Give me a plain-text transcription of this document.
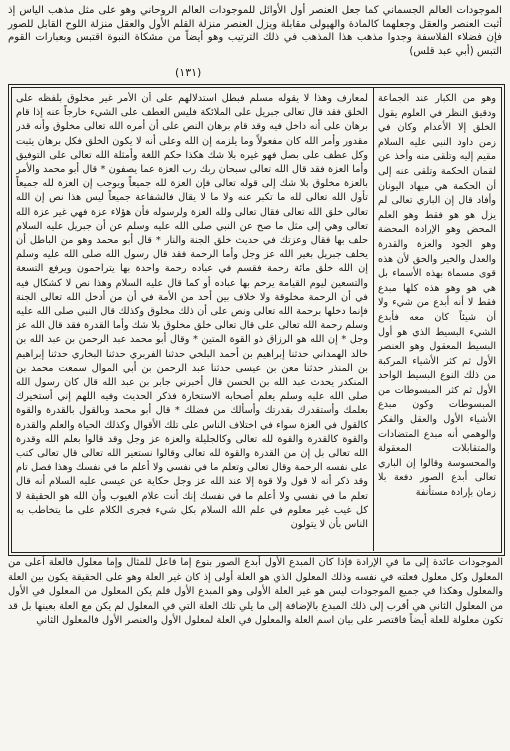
الموجودات العالم الجسماني كما جعل العنصر أول الأوائل للموجودات العالم الروحاني وهو على مثل مذهب الياس إذ أثبت العنصر والعقل وجعلهما كالمادة والهيولى مقابلة ويزل العنصر منزلة القلم الأول والعقل منزلة اللوح القابل للصور فإن فضلاء الفلاسفة وجدوا مذهب هذا المذهب في ذلك الترتيب وهو أيضاً من مشكاة النبوة اقتبس وبعبارات القوم التبس (أبي عبد قلس)

(١٣١)

لمعارف وهذا لا يقوله مسلم فبطل استدلالهم على أن الأمر غير مخلوق بلفظه على الخلق فقد قال تعالى جبريل على الملائكة فليس العطف على الشيء خارجاً عنه إذا قام برهان على أنه داخل فيه وقد قام برهان النص على أن أمره الله تعالى مخلوق وأنه قدر مقدور وأمر الله كان مفعولاً وما يلزمه إن الله وعلى أنه لا يكون الخلق فكل برهان يثبت وكل عطف على بصل فهو غيره بلا شك هكذا حكم اللغة وأمثلة الله تعالى على التوفيق وأما العزة فقد قال الله تعالى سبحان ربك رب العزة عما يصفون * قال أبو محمد والأمر بالعزة مخلوق بلا شك إلى قوله تعالى فإن العزة لله جميعاً ويوجب إن العزة لله جميعاً تأول الله تعالى لله ما تكبر عنه ولا ما لا يقال فالشفاعة جميعاً ليس هذا نص إن الله تعالى خلق الله تعالى فقال تعالى ولله العزة ولرسوله فأن هؤلاء عزة فهي غير عزة الله تعالى وهي إلى مثل ما صح عن النبي صلى الله عليه وسلم عن أن جبريل عليه السلام حلف بها فقال وعزتك في حديث خلق الجنة والنار * قال أبو محمد وهو من الباطل أن يحلف جبريل بغير الله عز وجل وأما الرحمة فقد قال رسول الله صلى الله عليه وسلم إن الله خلق مائة رحمة فقسم في عباده رحمة واحدة بها يتراحمون ويرفع التسعة والتسعين ليوم القيامة يرحم بها عباده أو كما قال عليه السلام وهذا نص لا كشكال فيه في أن الرحمة مخلوقة ولا خلاف بين أحد من الأمة في أن من أدخل الله تعالى الجنة فإنما دخلها برحمة الله تعالى ونص على أن ذلك مخلوق وكذلك قال النبي صلى الله عليه وسلم رحمة الله تعالى على قال تعالى خلق مخلوق بلا شك وأما القدرة فقد قال الله عز وجل * إن الله هو الرزاق ذو القوة المتين * وقال أبو محمد عبد الرحمن بن عبد الله بن خالد الهمداني حدثنا إبراهيم بن أحمد البلخي حدثنا الفربري حدثنا البخاري حدثنا إبراهيم بن المنذر حدثنا معن بن عيسى حدثنا عبد الرحمن بن أبي الموال سمعت محمد بن المنكدر يحدث عبد الله بن الحسن قال أخبرني جابر بن عبد الله قال كان رسول الله صلى الله عليه وسلم يعلم أصحابه الاستخارة فذكر الحديث وفيه اللهم إني أستخيرك بعلمك وأستقدرك بقدرتك وأسألك من فضلك * قال أبو محمد وبالقول بالقدرة والقوة كالقول في العزة سواء في اختلاف الناس على تلك الأقوال وكذلك الحياة والعلم والقدرة والقوة كالقدرة والقوة لله تعالى وكالجليلة والعزة عز وجل وقد قالوا بعلم الله وقدرة الله تعالى بل إن من القدرة والقوة لله تعالى وقالوا نستعير الله تعالى قال تعالى كتب على نفسه الرحمة وقال تعالى وتعلم ما في نفسي ولا أعلم ما في نفسك وهذا فصل تام وقد ذكر أنه لا قول ولا قوة إلا عند الله عز وجل حكاية عن عيسى عليه السلام أنه قال تعلم ما في نفسي ولا أعلم ما في نفسك إنك أنت علام الغيوب وأن الله هو الحقيقة لا كل غيب غير معلوم في علم الله السلام بكل شيء فجرى الكلام على ما يتخاطب به الناس بأن لا يتولون

وهو من الكبار عند الجماعة ودقيق النظر في العلوم يقول الخلق إلا الأعدام وكان في زمن داود النبي عليه السلام مقيم إليه وتلقى منه وأخذ عن لقمان الحكمة وتلقى عنه إلى أن الحكمة هي ميهاد اليونان وأفاد قال إن الباري تعالى لم يزل هو هو فقط وهو العلم المحض وهو الإرادة المحضة وهو الجود والعزة والقدرة والعدل والخير والحق لأن هذه قوى مسماة بهذه الأسماء بل هي هو وهو هذه كلها مبدع فقط لا أنه أبدع من شيء ولا أن شيئاً كان معه فأبدع الشيء البسيط الذي هو أول البسيط المعقول وهو العنصر الأول ثم كثر الأشياء المركبة من ذلك النوع البسيط الواحد الأول ثم كثر المبسوطات من المبسوطات وكون مبدع الأشياء الأول والعقل والفكر والوهمي أنه مبدع المتضادات والمتقابلات المعقولة والمحسوسة وقالوا إن الباري تعالى أبدع الصور دفعة بلا زمان بإرادة مستأنفة

الموجودات عائدة إلى ما في الإرادة فإذا كان المبدع الأول أبدع الصور بنوع إما فاعل للمثال وإما معلول فالعلة أعلى من المعلول وكل معلول فعلته في نفسه وذلك المعلول الذي هو العلة أولى إذ كان غير العلة وهو على الحقيقة يكون بين العلة والمعلول وهكذا في جميع الموجودات ليس هو غير العلة الأولى وهو المبدع الأول فلم يكن المعلول من المعلول في الأول من المعلول الثاني هي أقرب إلى ذلك المبدع بالإضافة إلى ما يلي تلك العلة التي في المعلول لم يكن مع العلة بعينها بل قد تكون معلولة للعلة أيضاً فاقتصر على بيان اسم العلة والمعلول في العلة لمعلول الأول والعنصر الأول فالمعلول الثاني
